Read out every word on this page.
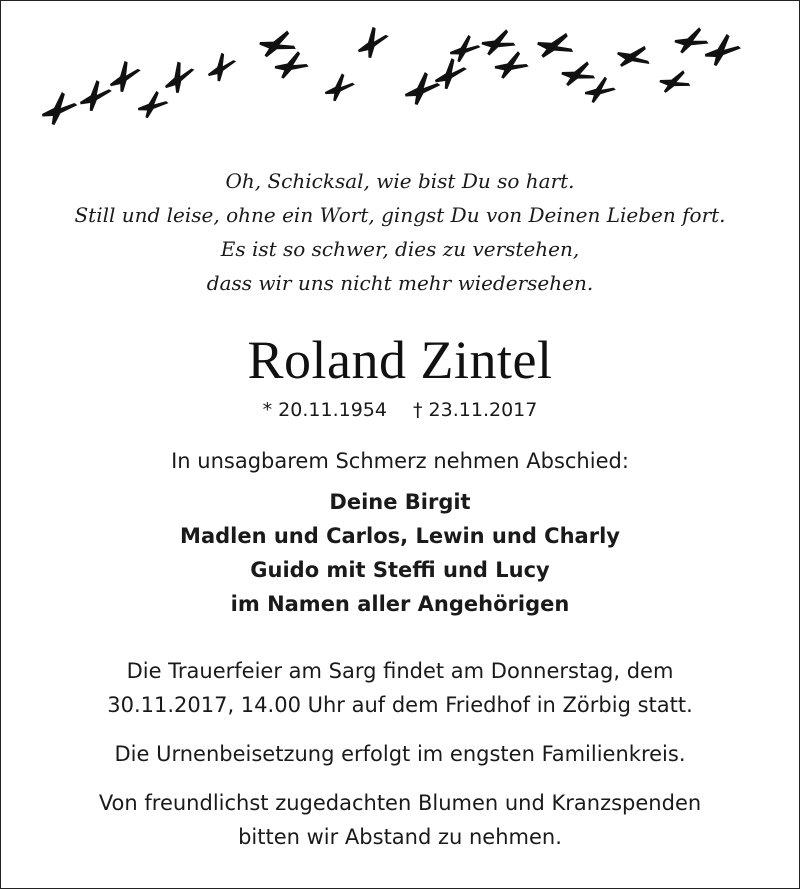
Oh, Schicksal, wie bist Du so hart.
Still und leise, ohne ein Wort, gingst Du von Deinen Lieben fort.
Es ist so schwer, dies zu verstehen,
dass wir uns nicht mehr wiedersehen.
Roland Zintel
* 20.11.1954 † 23.11.2017
In unsagbarem Schmerz nehmen Abschied:
Deine Birgit
Madlen und Carlos, Lewin und Charly
Guido mit Steffi und Lucy
im Namen aller Angehörigen
Die Trauerfeier am Sarg findet am Donnerstag, dem
30.11.2017, 14.00 Uhr auf dem Friedhof in Zörbig statt.
Die Urnenbeisetzung erfolgt im engsten Familienkreis.
Von freundlichst zugedachten Blumen und Kranzspenden
bitten wir Abstand zu nehmen.
